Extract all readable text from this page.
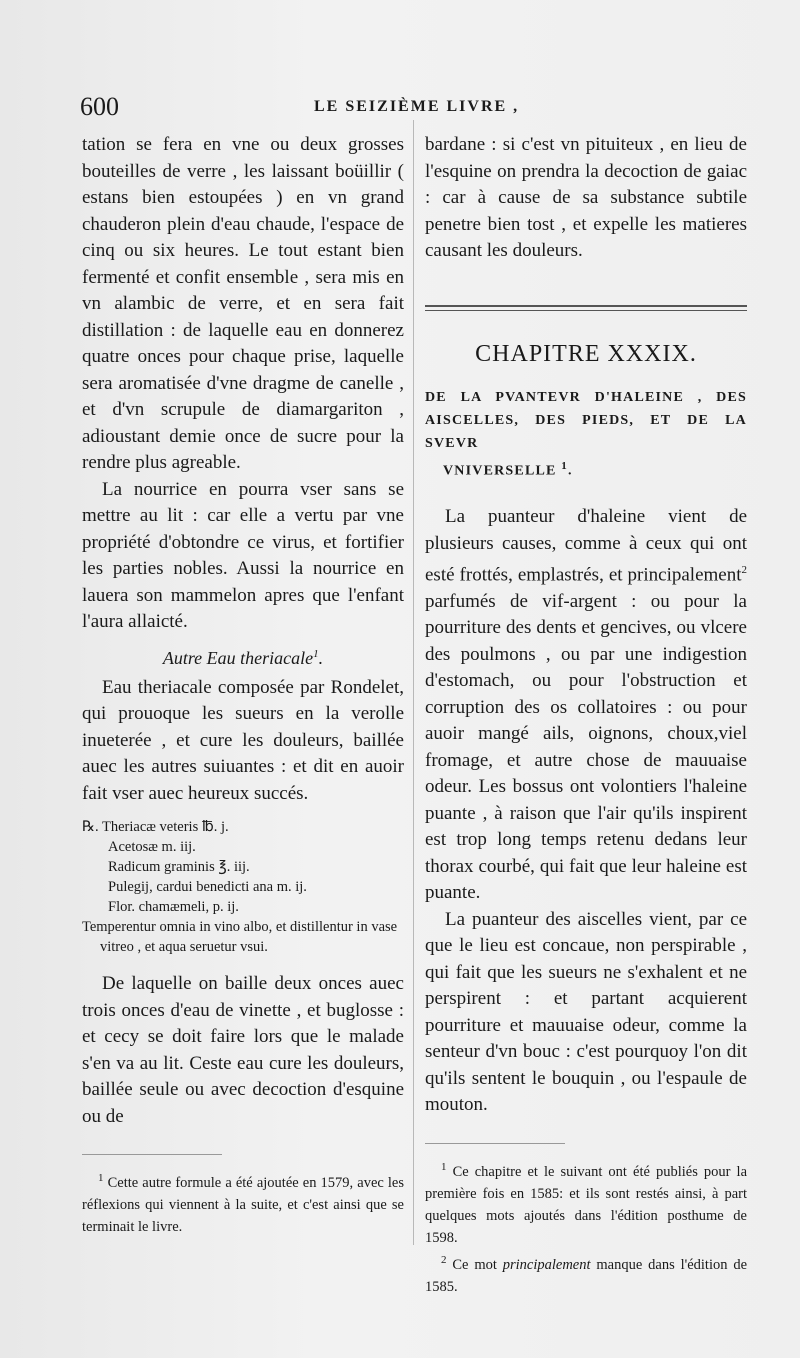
600	LE SEIZIÈME LIVRE ,

tation se fera en vne ou deux grosses bouteilles de verre , les laissant boüillir ( estans bien estoupées ) en vn grand chauderon plein d'eau chaude, l'espace de cinq ou six heures. Le tout estant bien fermenté et confit ensemble , sera mis en vn alambic de verre, et en sera fait distillation : de laquelle eau en donnerez quatre onces pour chaque prise, laquelle sera aromatisée d'vne dragme de canelle , et d'vn scrupule de diamargariton , adioustant demie once de sucre pour la rendre plus agreable.

La nourrice en pourra vser sans se mettre au lit : car elle a vertu par vne propriété d'obtondre ce virus, et fortifier les parties nobles. Aussi la nourrice en lauera son mammelon apres que l'enfant l'aura allaicté.

Autre Eau theriacale$^1$.

Eau theriacale composée par Rondelet, qui prouoque les sueurs en la verolle inueterée , et cure les douleurs, baillée auec les autres suiuantes : et dit en auoir fait vser auec heureux succés.

℞. Theriacæ veteris ℔. j.
Acetosæ m. iij.
Radicum graminis ℥. iij.
Pulegij, cardui benedicti ana m. ij.
Flor. chamæmeli, p. ij.
Temperentur omnia in vino albo, et distillentur in vase vitreo , et aqua seruetur vsui.

De laquelle on baille deux onces auec trois onces d'eau de vinette , et buglosse : et cecy se doit faire lors que le malade s'en va au lit. Ceste eau cure les douleurs, baillée seule ou avec decoction d'esquine ou de

$^1$ Cette autre formule a été ajoutée en 1579, avec les réflexions qui viennent à la suite, et c'est ainsi que se terminait le livre.

bardane : si c'est vn pituiteux , en lieu de l'esquine on prendra la decoction de gaiac : car à cause de sa substance subtile penetre bien tost , et expelle les matieres causant les douleurs.

CHAPITRE XXXIX.

DE LA PVANTEVR D'HALEINE , DES AISCELLES, DES PIEDS, ET DE LA SVEVR
VNIVERSELLE $^1$.

La puanteur d'haleine vient de plusieurs causes, comme à ceux qui ont esté frottés, emplastrés, et principalement$^2$ parfumés de vif-argent : ou pour la pourriture des dents et gencives, ou vlcere des poulmons , ou par une indigestion d'estomach, ou pour l'obstruction et corruption des os collatoires : ou pour auoir mangé ails, oignons, choux,viel fromage, et autre chose de mauuaise odeur. Les bossus ont volontiers l'haleine puante , à raison que l'air qu'ils inspirent est trop long temps retenu dedans leur thorax courbé, qui fait que leur haleine est puante.

La puanteur des aiscelles vient, par ce que le lieu est concaue, non perspirable , qui fait que les sueurs ne s'exhalent et ne perspirent : et partant acquierent pourriture et mauuaise odeur, comme la senteur d'vn bouc : c'est pourquoy l'on dit qu'ils sentent le bouquin , ou l'espaule de mouton.

$^1$ Ce chapitre et le suivant ont été publiés pour la première fois en 1585: et ils sont restés ainsi, à part quelques mots ajoutés dans l'édition posthume de 1598.

$^2$ Ce mot principalement manque dans l'édition de 1585.
